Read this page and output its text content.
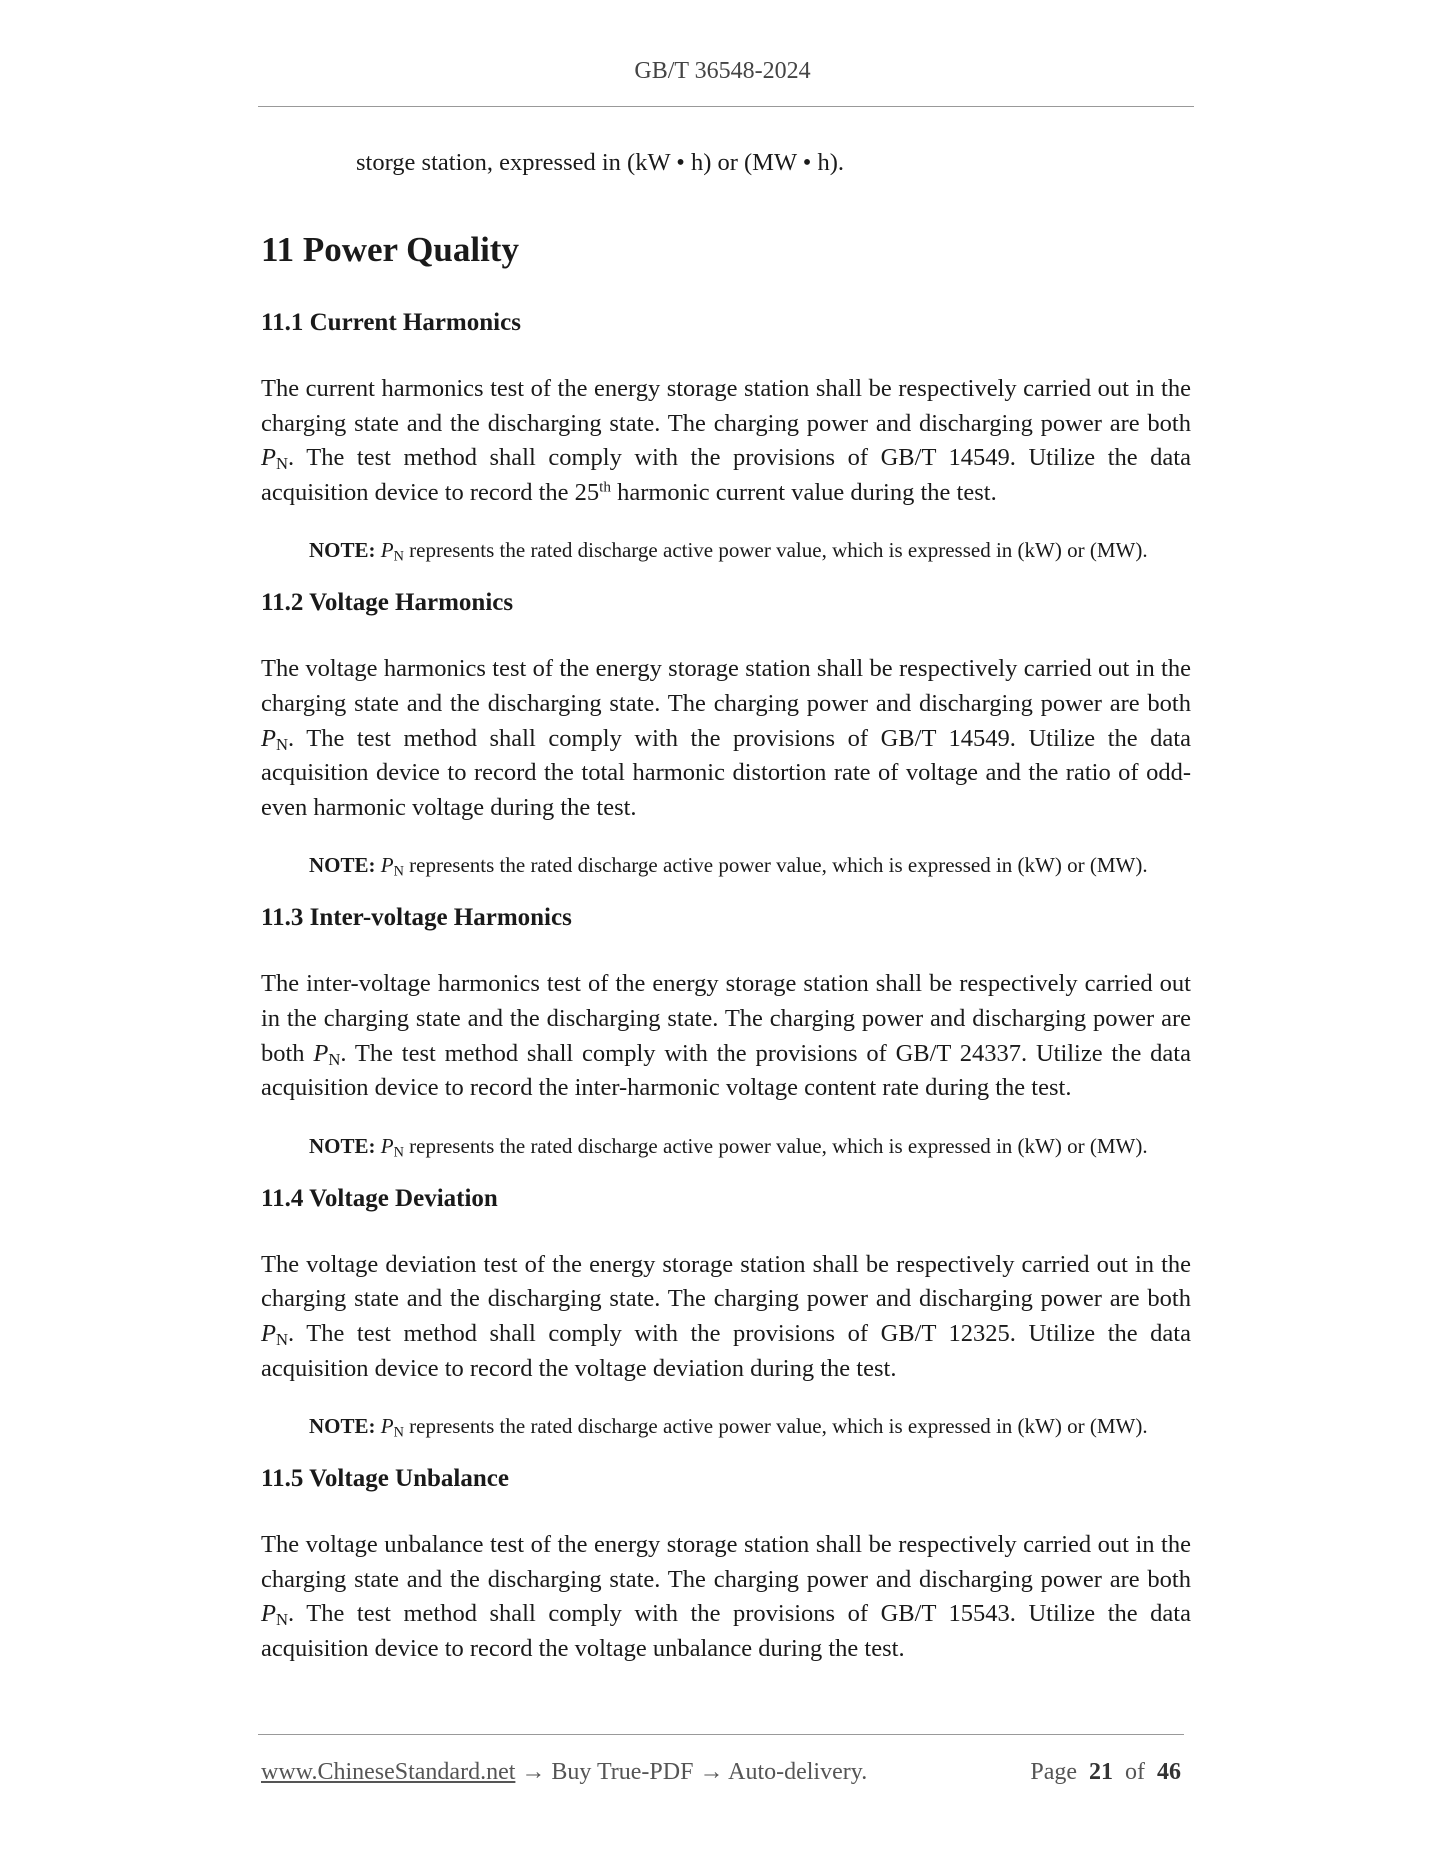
GB/T 36548-2024

storge station, expressed in (kW • h) or (MW • h).

11 Power Quality
11.1 Current Harmonics

The current harmonics test of the energy storage station shall be respectively carried out in the charging state and the discharging state. The charging power and discharging power are both $P_N$. The test method shall comply with the provisions of GB/T 14549. Utilize the data acquisition device to record the 25th harmonic current value during the test.

NOTE: $P_N$ represents the rated discharge active power value, which is expressed in (kW) or (MW).

11.2 Voltage Harmonics

The voltage harmonics test of the energy storage station shall be respectively carried out in the charging state and the discharging state. The charging power and discharging power are both $P_N$. The test method shall comply with the provisions of GB/T 14549. Utilize the data acquisition device to record the total harmonic distortion rate of voltage and the ratio of odd-even harmonic voltage during the test.

NOTE: $P_N$ represents the rated discharge active power value, which is expressed in (kW) or (MW).

11.3 Inter-voltage Harmonics

The inter-voltage harmonics test of the energy storage station shall be respectively carried out in the charging state and the discharging state. The charging power and discharging power are both $P_N$. The test method shall comply with the provisions of GB/T 24337. Utilize the data acquisition device to record the inter-harmonic voltage content rate during the test.

NOTE: $P_N$ represents the rated discharge active power value, which is expressed in (kW) or (MW).

11.4 Voltage Deviation

The voltage deviation test of the energy storage station shall be respectively carried out in the charging state and the discharging state. The charging power and discharging power are both $P_N$. The test method shall comply with the provisions of GB/T 12325. Utilize the data acquisition device to record the voltage deviation during the test.

NOTE: $P_N$ represents the rated discharge active power value, which is expressed in (kW) or (MW).

11.5 Voltage Unbalance

The voltage unbalance test of the energy storage station shall be respectively carried out in the charging state and the discharging state. The charging power and discharging power are both $P_N$. The test method shall comply with the provisions of GB/T 15543. Utilize the data acquisition device to record the voltage unbalance during the test.

www.ChineseStandard.net → Buy True-PDF → Auto-delivery.	Page 21 of 46
